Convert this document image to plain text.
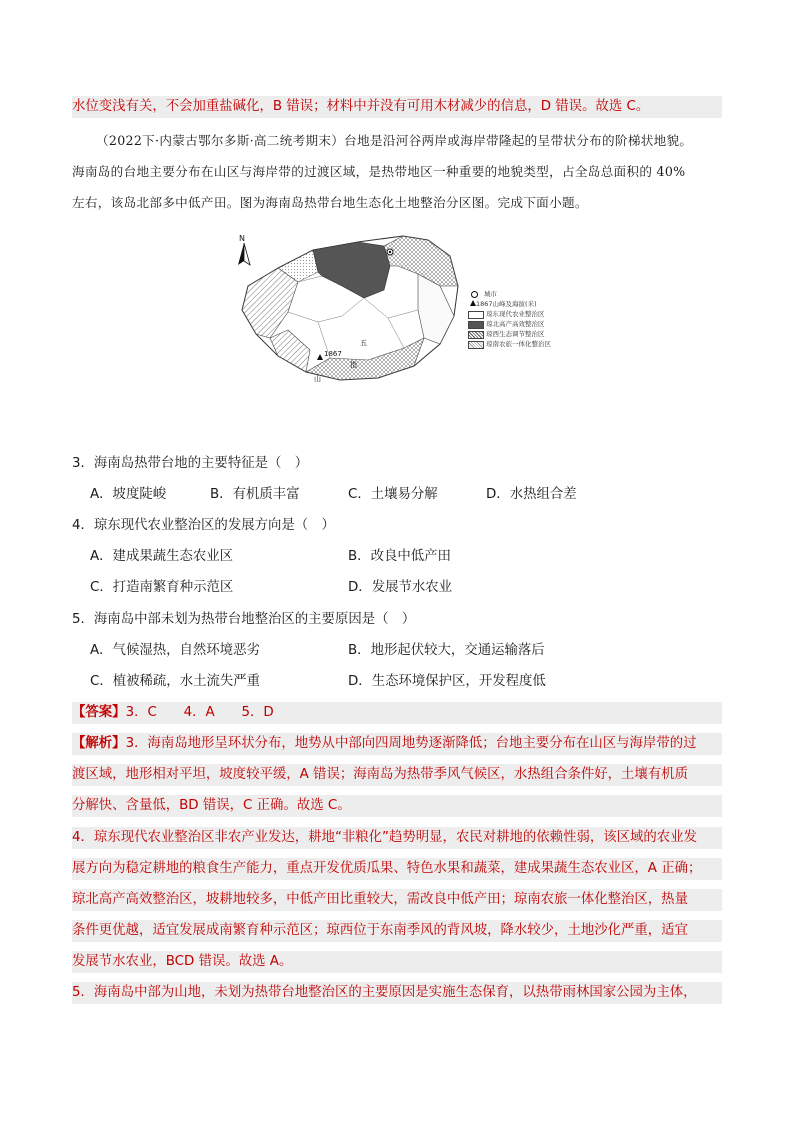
水位变浅有关，不会加重盐碱化，B 错误；材料中并没有可用木材减少的信息，D 错误。故选 C。
（2022下·内蒙古鄂尔多斯·高二统考期末）台地是沿河谷两岸或海岸带隆起的呈带状分布的阶梯状地貌。
海南岛的台地主要分布在山区与海岸带的过渡区域，是热带地区一种重要的地貌类型，占全岛总面积的 40%
左右，该岛北部多中低产田。图为海南岛热带台地生态化土地整治分区图。完成下面小题。
N
1867
五
指
山
城市
1867山峰及海拔(米)
琼东现代农业整治区
琼北高产高效整治区
琼西生态调节整治区
琼南农旅一体化整治区
3．海南岛热带台地的主要特征是（　）
A．坡度陡峻	B．有机质丰富	C．土壤易分解	D．水热组合差
4．琼东现代农业整治区的发展方向是（　）
A．建成果蔬生态农业区	B．改良中低产田
C．打造南繁育种示范区	D．发展节水农业
5．海南岛中部未划为热带台地整治区的主要原因是（　）
A．气候湿热，自然环境恶劣	B．地形起伏较大，交通运输落后
C．植被稀疏，水土流失严重	D．生态环境保护区，开发程度低
【答案】3．C　　4．A　　5．D
【解析】3．海南岛地形呈环状分布，地势从中部向四周地势逐渐降低；台地主要分布在山区与海岸带的过
渡区域，地形相对平坦，坡度较平缓，A 错误；海南岛为热带季风气候区，水热组合条件好，土壤有机质
分解快、含量低，BD 错误，C 正确。故选 C。
4．琼东现代农业整治区非农产业发达，耕地“非粮化”趋势明显，农民对耕地的依赖性弱，该区域的农业发
展方向为稳定耕地的粮食生产能力，重点开发优质瓜果、特色水果和蔬菜，建成果蔬生态农业区，A 正确；
琼北高产高效整治区，坡耕地较多，中低产田比重较大，需改良中低产田；琼南农旅一体化整治区，热量
条件更优越，适宜发展成南繁育种示范区；琼西位于东南季风的背风坡，降水较少，土地沙化严重，适宜
发展节水农业，BCD 错误。故选 A。
5．海南岛中部为山地，未划为热带台地整治区的主要原因是实施生态保育，以热带雨林国家公园为主体，
